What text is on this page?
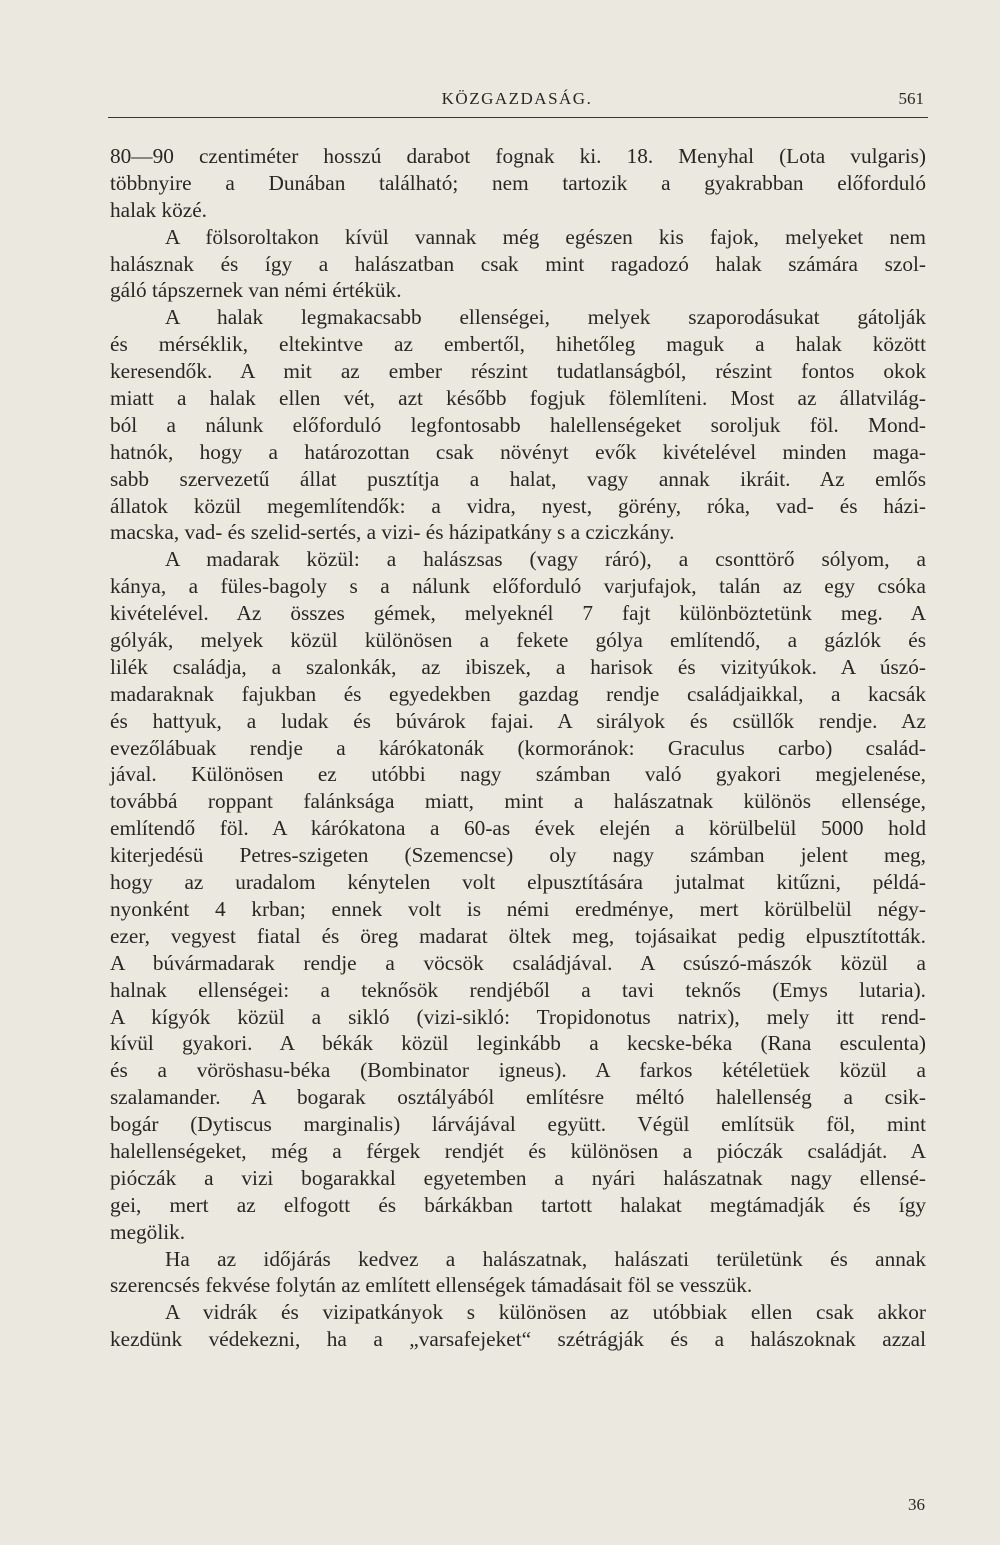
KÖZGAZDASÁG.	561
80—90 czentiméter hosszú darabot fognak ki. 18. Menyhal (Lota vulgaris)
többnyire a Dunában található; nem tartozik a gyakrabban előforduló
halak közé.
A fölsoroltakon kívül vannak még egészen kis fajok, melyeket nem
halásznak és így a halászatban csak mint ragadozó halak számára szol-
gáló tápszernek van némi értékük.
A halak legmakacsabb ellenségei, melyek szaporodásukat gátolják
és mérséklik, eltekintve az embertől, hihetőleg maguk a halak között
keresendők. A mit az ember részint tudatlanságból, részint fontos okok
miatt a halak ellen vét, azt később fogjuk fölemlíteni. Most az állatvilág-
ból a nálunk előforduló legfontosabb halellenségeket soroljuk föl. Mond-
hatnók, hogy a határozottan csak növényt evők kivételével minden maga-
sabb szervezetű állat pusztítja a halat, vagy annak ikráit. Az emlős
állatok közül megemlítendők: a vidra, nyest, görény, róka, vad- és házi-
macska, vad- és szelid-sertés, a vizi- és házipatkány s a cziczkány.
A madarak közül: a halászsas (vagy ráró), a csonttörő sólyom, a
kánya, a füles-bagoly s a nálunk előforduló varjufajok, talán az egy csóka
kivételével. Az összes gémek, melyeknél 7 fajt különböztetünk meg. A
gólyák, melyek közül különösen a fekete gólya említendő, a gázlók és
lilék családja, a szalonkák, az ibiszek, a harisok és vizityúkok. A úszó-
madaraknak fajukban és egyedekben gazdag rendje családjaikkal, a kacsák
és hattyuk, a ludak és búvárok fajai. A sirályok és csüllők rendje. Az
evezőlábuak rendje a kárókatonák (kormoránok: Graculus carbo) család-
jával. Különösen ez utóbbi nagy számban való gyakori megjelenése,
továbbá roppant falánksága miatt, mint a halászatnak különös ellensége,
említendő föl. A kárókatona a 60-as évek elején a körülbelül 5000 hold
kiterjedésü Petres-szigeten (Szemencse) oly nagy számban jelent meg,
hogy az uradalom kénytelen volt elpusztítására jutalmat kitűzni, példá-
nyonként 4 krban; ennek volt is némi eredménye, mert körülbelül négy-
ezer, vegyest fiatal és öreg madarat öltek meg, tojásaikat pedig elpusztították.
A búvármadarak rendje a vöcsök családjával. A csúszó-mászók közül a
halnak ellenségei: a teknősök rendjéből a tavi teknős (Emys lutaria).
A kígyók közül a sikló (vizi-sikló: Tropidonotus natrix), mely itt rend-
kívül gyakori. A békák közül leginkább a kecske-béka (Rana esculenta)
és a vöröshasu-béka (Bombinator igneus). A farkos kétéletüek közül a
szalamander. A bogarak osztályából említésre méltó halellenség a csik-
bogár (Dytiscus marginalis) lárvájával együtt. Végül említsük föl, mint
halellenségeket, még a férgek rendjét és különösen a pióczák családját. A
pióczák a vizi bogarakkal egyetemben a nyári halászatnak nagy ellensé-
gei, mert az elfogott és bárkákban tartott halakat megtámadják és így
megölik.
Ha az időjárás kedvez a halászatnak, halászati területünk és annak
szerencsés fekvése folytán az említett ellenségek támadásait föl se vesszük.
A vidrák és vizipatkányok s különösen az utóbbiak ellen csak akkor
kezdünk védekezni, ha a „varsafejeket“ szétrágják és a halászoknak azzal
36
